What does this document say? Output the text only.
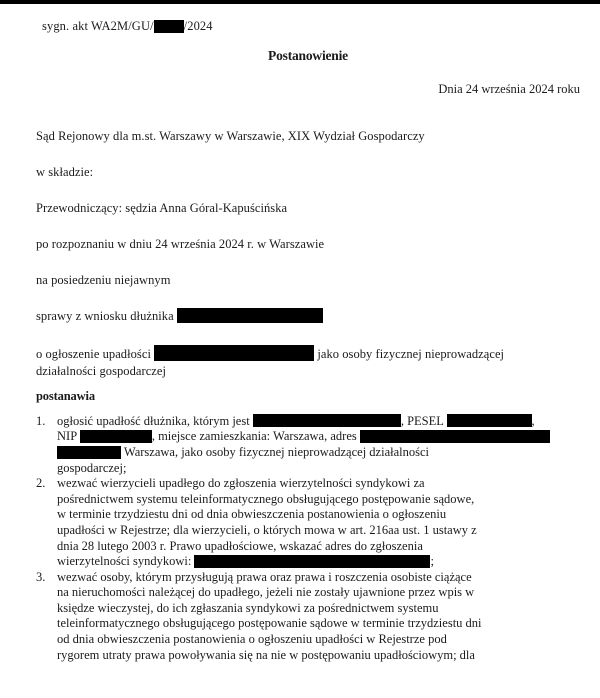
sygn. akt WA2M/GU/ /2024
Postanowienie
Dnia 24 września 2024 roku
Sąd Rejonowy dla m.st. Warszawy w Warszawie, XIX Wydział Gospodarczy
w składzie:
Przewodniczący: sędzia Anna Góral-Kapuścińska
po rozpoznaniu w dniu 24 września 2024 r. w Warszawie
na posiedzeniu niejawnym
sprawy z wniosku dłużnika
o ogłoszenie upadłości	jako osoby fizycznej nieprowadzącej
działalności gospodarczej
postanawia
1. ogłosić upadłość dłużnika, którym jest	, PESEL	,
NIP	, miejsce zamieszkania: Warszawa, adres
Warszawa, jako osoby fizycznej nieprowadzącej działalności
gospodarczej;
2. wezwać wierzycieli upadłego do zgłoszenia wierzytelności syndykowi za
pośrednictwem systemu teleinformatycznego obsługującego postępowanie sądowe,
w terminie trzydziestu dni od dnia obwieszczenia postanowienia o ogłoszeniu
upadłości w Rejestrze; dla wierzycieli, o których mowa w art. 216aa ust. 1 ustawy z
dnia 28 lutego 2003 r. Prawo upadłościowe, wskazać adres do zgłoszenia
wierzytelności syndykowi:	;
3. wezwać osoby, którym przysługują prawa oraz prawa i roszczenia osobiste ciążące
na nieruchomości należącej do upadłego, jeżeli nie zostały ujawnione przez wpis w
księdze wieczystej, do ich zgłaszania syndykowi za pośrednictwem systemu
teleinformatycznego obsługującego postępowanie sądowe w terminie trzydziestu dni
od dnia obwieszczenia postanowienia o ogłoszeniu upadłości w Rejestrze pod
rygorem utraty prawa powoływania się na nie w postępowaniu upadłościowym; dla
